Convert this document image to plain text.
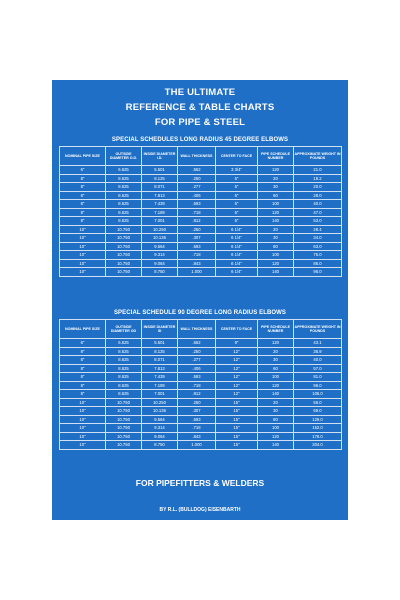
THE ULTIMATE
REFERENCE & TABLE CHARTS
FOR PIPE & STEEL
SPECIAL SCHEDULES LONG RADIUS 45 DEGREE ELBOWS
NOMINAL PIPE SIZE	OUTSIDE DIAMETER O.D.	INSIDE DIAMETER I.D.	WALL THICKNESS	CENTER TO FACE	PIPE SCHEDULE NUMBER	APPROXIMATE WEIGHT IN POUNDS
6"	6.625	5.501	.562	3 3/4"	120	21.0
8"	8.625	8.125	.250	5"	20	18.2
8"	8.625	8.071	.277	5"	30	20.0
8"	8.625	7.813	.406	5"	60	28.0
8"	8.625	7.439	.593	5"	100	40.0
8"	8.625	7.189	.718	5"	120	47.0
8"	8.625	7.001	.812	5"	140	53.0
10"	10.750	10.250	.250	6 1/4"	20	28.4
10"	10.750	10.136	.307	6 1/4"	30	34.0
10"	10.750	9.564	.593	6 1/4"	80	63.0
10"	10.750	9.314	.718	6 1/4"	100	75.0
10"	10.750	9.064	.843	6 1/4"	120	86.0
10"	10.750	8.750	1.000	6 1/4"	140	96.0
SPECIAL SCHEDULE 90 DEGREE LONG RADIUS ELBOWS
NOMINAL PIPE SIZE	OUTSIDE DIAMETER OD	INSIDE DIAMETER ID	WALL THICKNESS	CENTER TO FACE	PIPE SCHEDULE NUMBER	APPROXIMATE WEIGHT IN POUNDS
6"	6.625	5.501	.562	9"	120	43.1
8"	8.625	8.125	.250	12"	20	36.9
8"	8.625	8.071	.277	12"	30	40.0
8"	8.625	7.813	.406	12"	60	57.0
8"	8.625	7.439	.593	12"	100	81.0
8"	8.625	7.189	.718	12"	120	96.0
8"	8.625	7.001	.812	12"	140	106.0
10"	10.750	10.250	.250	15"	20	56.0
10"	10.750	10.136	.307	15"	30	69.0
10"	10.750	9.564	.593	15"	80	129.0
10"	10.750	9.314	.718	15"	100	152.0
10"	10.750	9.064	.843	15"	120	176.0
10"	10.750	8.750	1.000	15"	140	204.0
FOR PIPEFITTERS & WELDERS
BY R.L. (BULLDOG) EISENBARTH
